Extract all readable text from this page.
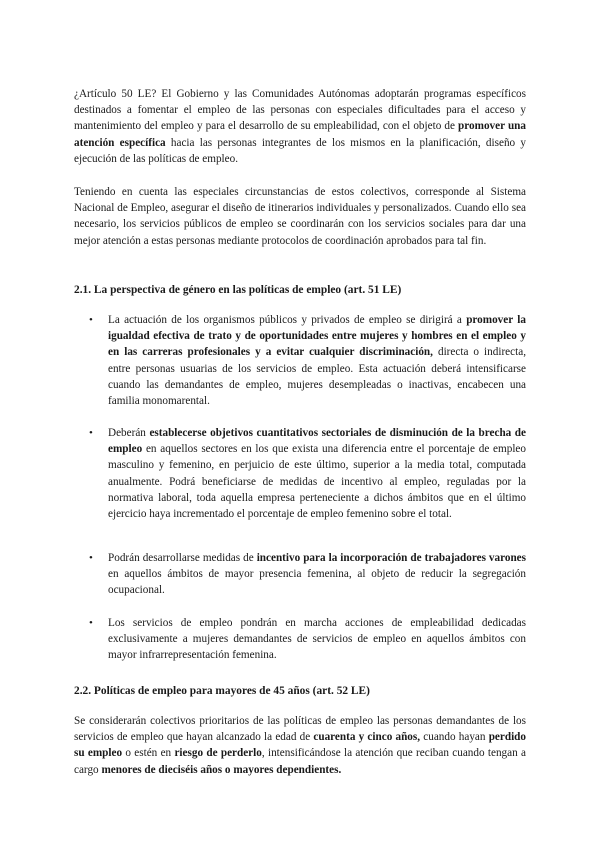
¿Artículo 50 LE? El Gobierno y las Comunidades Autónomas adoptarán programas específicos destinados a fomentar el empleo de las personas con especiales dificultades para el acceso y mantenimiento del empleo y para el desarrollo de su empleabilidad, con el objeto de promover una atención específica hacia las personas integrantes de los mismos en la planificación, diseño y ejecución de las políticas de empleo.

Teniendo en cuenta las especiales circunstancias de estos colectivos, corresponde al Sistema Nacional de Empleo, asegurar el diseño de itinerarios individuales y personalizados. Cuando ello sea necesario, los servicios públicos de empleo se coordinarán con los servicios sociales para dar una mejor atención a estas personas mediante protocolos de coordinación aprobados para tal fin.

2.1. La perspectiva de género en las políticas de empleo (art. 51 LE)

• La actuación de los organismos públicos y privados de empleo se dirigirá a promover la igualdad efectiva de trato y de oportunidades entre mujeres y hombres en el empleo y en las carreras profesionales y a evitar cualquier discriminación, directa o indirecta, entre personas usuarias de los servicios de empleo. Esta actuación deberá intensificarse cuando las demandantes de empleo, mujeres desempleadas o inactivas, encabecen una familia monomarental.

• Deberán establecerse objetivos cuantitativos sectoriales de disminución de la brecha de empleo en aquellos sectores en los que exista una diferencia entre el porcentaje de empleo masculino y femenino, en perjuicio de este último, superior a la media total, computada anualmente. Podrá beneficiarse de medidas de incentivo al empleo, reguladas por la normativa laboral, toda aquella empresa perteneciente a dichos ámbitos que en el último ejercicio haya incrementado el porcentaje de empleo femenino sobre el total.

• Podrán desarrollarse medidas de incentivo para la incorporación de trabajadores varones en aquellos ámbitos de mayor presencia femenina, al objeto de reducir la segregación ocupacional.

• Los servicios de empleo pondrán en marcha acciones de empleabilidad dedicadas exclusivamente a mujeres demandantes de servicios de empleo en aquellos ámbitos con mayor infrarrepresentación femenina.

2.2. Políticas de empleo para mayores de 45 años (art. 52 LE)

Se considerarán colectivos prioritarios de las políticas de empleo las personas demandantes de los servicios de empleo que hayan alcanzado la edad de cuarenta y cinco años, cuando hayan perdido su empleo o estén en riesgo de perderlo, intensificándose la atención que reciban cuando tengan a cargo menores de dieciséis años o mayores dependientes.
